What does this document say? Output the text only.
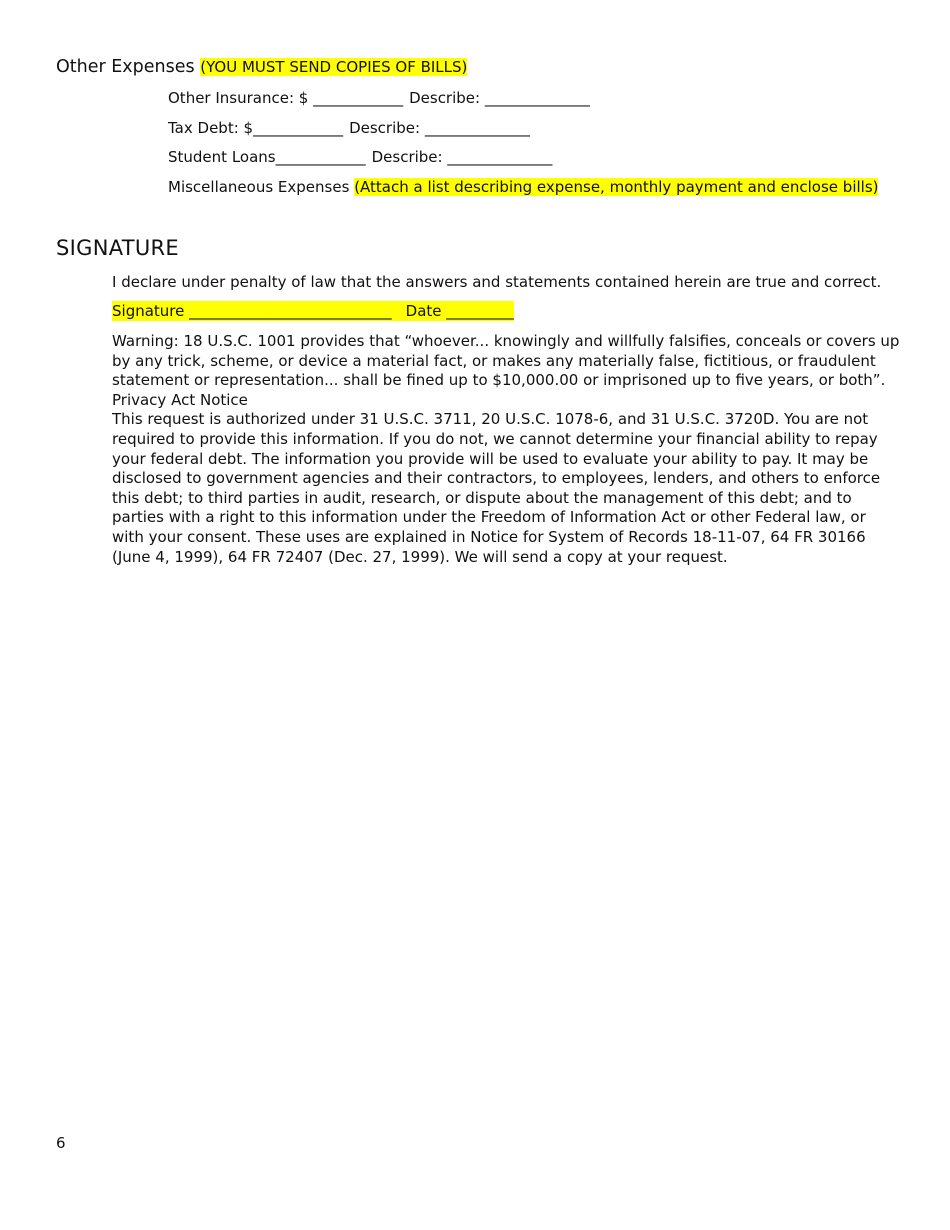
Other Expenses (YOU MUST SEND COPIES OF BILLS)
Other Insurance: $ ____________ Describe: ______________
Tax Debt: $____________ Describe: ______________
Student Loans____________ Describe: ______________
Miscellaneous Expenses (Attach a list describing expense, monthly payment and enclose bills)
SIGNATURE
I declare under penalty of law that the answers and statements contained herein are true and correct.
Signature ___________________________ Date _________
Warning: 18 U.S.C. 1001 provides that “whoever... knowingly and willfully falsifies, conceals or covers up by any trick, scheme, or device a material fact, or makes any materially false, fictitious, or fraudulent statement or representation... shall be fined up to $10,000.00 or imprisoned up to five years, or both”.
Privacy Act Notice
This request is authorized under 31 U.S.C. 3711, 20 U.S.C. 1078-6, and 31 U.S.C. 3720D. You are not required to provide this information. If you do not, we cannot determine your financial ability to repay your federal debt. The information you provide will be used to evaluate your ability to pay. It may be disclosed to government agencies and their contractors, to employees, lenders, and others to enforce this debt; to third parties in audit, research, or dispute about the management of this debt; and to parties with a right to this information under the Freedom of Information Act or other Federal law, or with your consent. These uses are explained in Notice for System of Records 18-11-07, 64 FR 30166 (June 4, 1999), 64 FR 72407 (Dec. 27, 1999). We will send a copy at your request.
6
